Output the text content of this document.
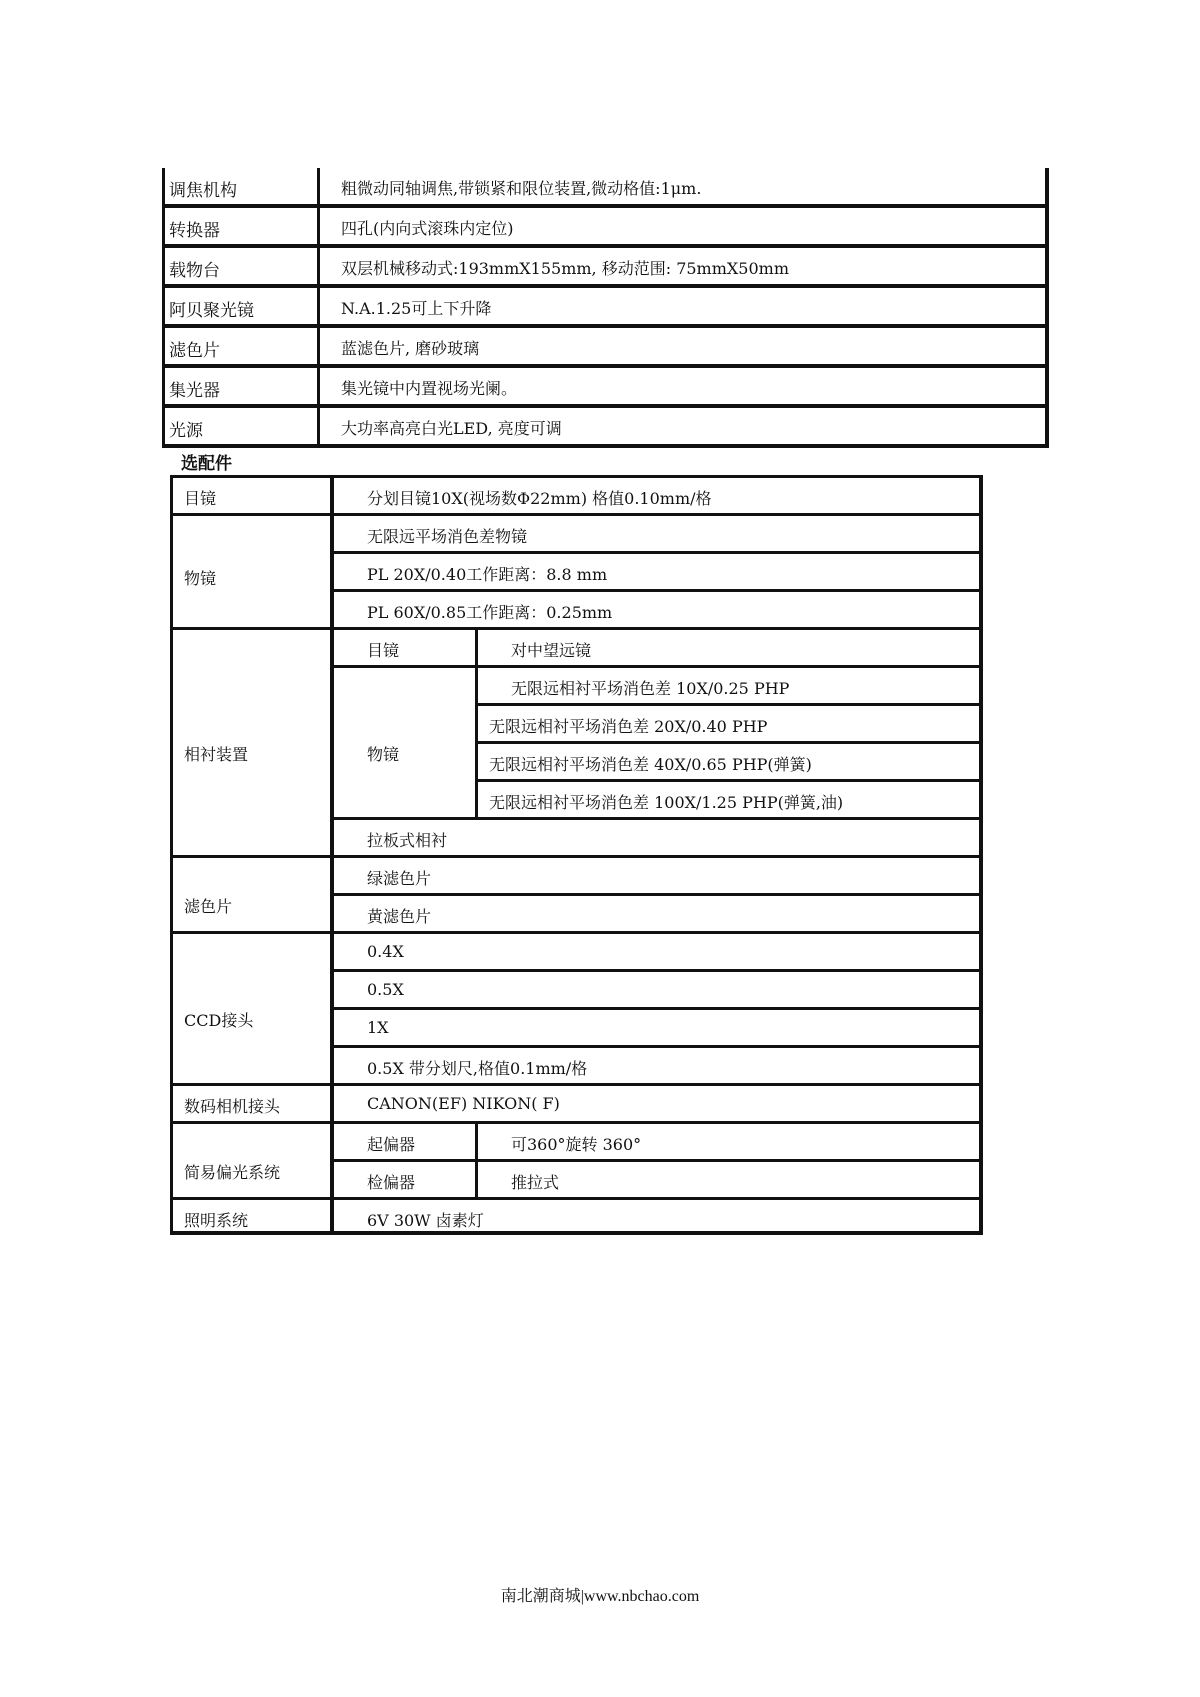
调焦机构	粗微动同轴调焦,带锁紧和限位装置,微动格值:1μm.
转换器	四孔(内向式滚珠内定位)
载物台	双层机械移动式:193mmX155mm, 移动范围: 75mmX50mm
阿贝聚光镜	N.A.1.25可上下升降
滤色片	蓝滤色片, 磨砂玻璃
集光器	集光镜中内置视场光阑。
光源	大功率高亮白光LED, 亮度可调
选配件
目镜	分划目镜10X(视场数Φ22mm) 格值0.10mm/格
物镜
无限远平场消色差物镜
PL 20X/0.40工作距离：8.8 mm
PL 60X/0.85工作距离：0.25mm
相衬装置
目镜	对中望远镜
物镜
无限远相衬平场消色差 10X/0.25 PHP
无限远相衬平场消色差 20X/0.40 PHP
无限远相衬平场消色差 40X/0.65 PHP(弹簧)
无限远相衬平场消色差 100X/1.25 PHP(弹簧,油)
拉板式相衬
滤色片
绿滤色片
黄滤色片
CCD接头
0.4X
0.5X
1X
0.5X 带分划尺,格值0.1mm/格
数码相机接头	CANON(EF) NIKON( F)
简易偏光系统
起偏器	可360°旋转 360°
检偏器	推拉式
照明系统	6V 30W 卤素灯
南北潮商城|www.nbchao.com
